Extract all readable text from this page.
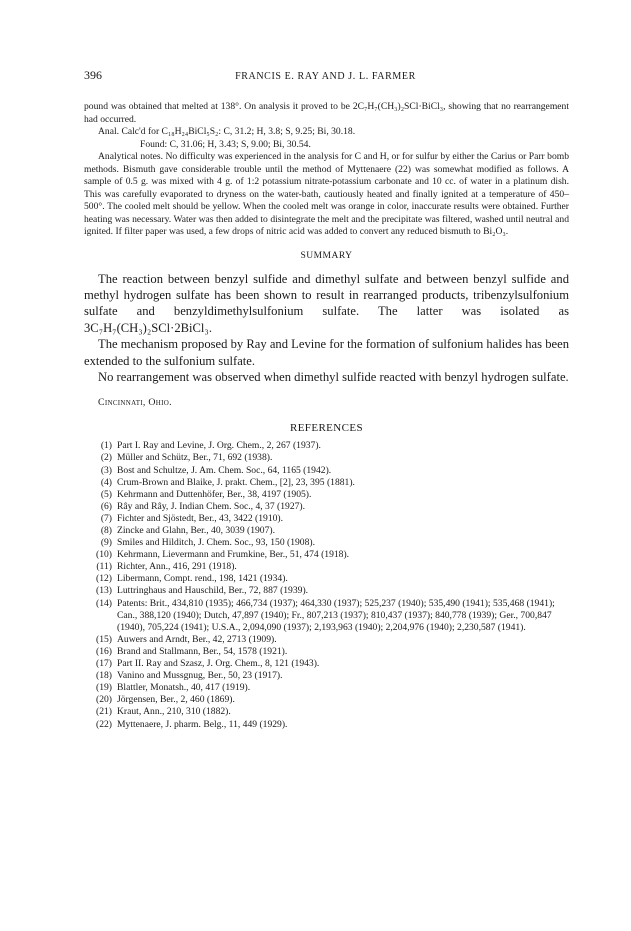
396	FRANCIS E. RAY AND J. L. FARMER

pound was obtained that melted at 138°. On analysis it proved to be 2C₇H₇(CH₃)₂SCl·BiCl₃, showing that no rearrangement had occurred.

Anal. Calc'd for C₁₈H₂₄BiCl₅S₂: C, 31.2; H, 3.8; S, 9.25; Bi, 30.18.

Found: C, 31.06; H, 3.43; S, 9.00; Bi, 30.54.

Analytical notes. No difficulty was experienced in the analysis for C and H, or for sulfur by either the Carius or Parr bomb methods. Bismuth gave considerable trouble until the method of Myttenaere (22) was somewhat modified as follows. A sample of 0.5 g. was mixed with 4 g. of 1:2 potassium nitrate-potassium carbonate and 10 cc. of water in a platinum dish. This was carefully evaporated to dryness on the water-bath, cautiously heated and finally ignited at a temperature of 450–500°. The cooled melt should be yellow. When the cooled melt was orange in color, inaccurate results were obtained. Further heating was necessary. Water was then added to disintegrate the melt and the precipitate was filtered, washed until neutral and ignited. If filter paper was used, a few drops of nitric acid was added to convert any reduced bismuth to Bi₂O₃.

SUMMARY

The reaction between benzyl sulfide and dimethyl sulfate and between benzyl sulfide and methyl hydrogen sulfate has been shown to result in rearranged products, tribenzylsulfonium sulfate and benzyldimethylsulfonium sulfate. The latter was isolated as 3C₇H₇(CH₃)₂SCl·2BiCl₃.

The mechanism proposed by Ray and Levine for the formation of sulfonium halides has been extended to the sulfonium sulfate.

No rearrangement was observed when dimethyl sulfide reacted with benzyl hydrogen sulfate.

Cincinnati, Ohio.
REFERENCES
(1) Part I. Ray and Levine, J. Org. Chem., 2, 267 (1937).
(2) Müller and Schütz, Ber., 71, 692 (1938).
(3) Bost and Schultze, J. Am. Chem. Soc., 64, 1165 (1942).
(4) Crum-Brown and Blaike, J. prakt. Chem., [2], 23, 395 (1881).
(5) Kehrmann and Duttenhöfer, Ber., 38, 4197 (1905).
(6) Rây and Rây, J. Indian Chem. Soc., 4, 37 (1927).
(7) Fichter and Sjöstedt, Ber., 43, 3422 (1910).
(8) Zincke and Glahn, Ber., 40, 3039 (1907).
(9) Smiles and Hilditch, J. Chem. Soc., 93, 150 (1908).
(10) Kehrmann, Lievermann and Frumkine, Ber., 51, 474 (1918).
(11) Richter, Ann., 416, 291 (1918).
(12) Libermann, Compt. rend., 198, 1421 (1934).
(13) Luttringhaus and Hauschild, Ber., 72, 887 (1939).
(14) Patents: Brit., 434,810 (1935); 466,734 (1937); 464,330 (1937); 525,237 (1940); 535,490 (1941); 535,468 (1941); Can., 388,120 (1940); Dutch, 47,897 (1940); Fr., 807,213 (1937); 810,437 (1937); 840,778 (1939); Ger., 700,847 (1940), 705,224 (1941); U.S.A., 2,094,090 (1937); 2,193,963 (1940); 2,204,976 (1940); 2,230,587 (1941).
(15) Auwers and Arndt, Ber., 42, 2713 (1909).
(16) Brand and Stallmann, Ber., 54, 1578 (1921).
(17) Part II. Ray and Szasz, J. Org. Chem., 8, 121 (1943).
(18) Vanino and Mussgnug, Ber., 50, 23 (1917).
(19) Blattler, Monatsh., 40, 417 (1919).
(20) Jörgensen, Ber., 2, 460 (1869).
(21) Kraut, Ann., 210, 310 (1882).
(22) Myttenaere, J. pharm. Belg., 11, 449 (1929).
